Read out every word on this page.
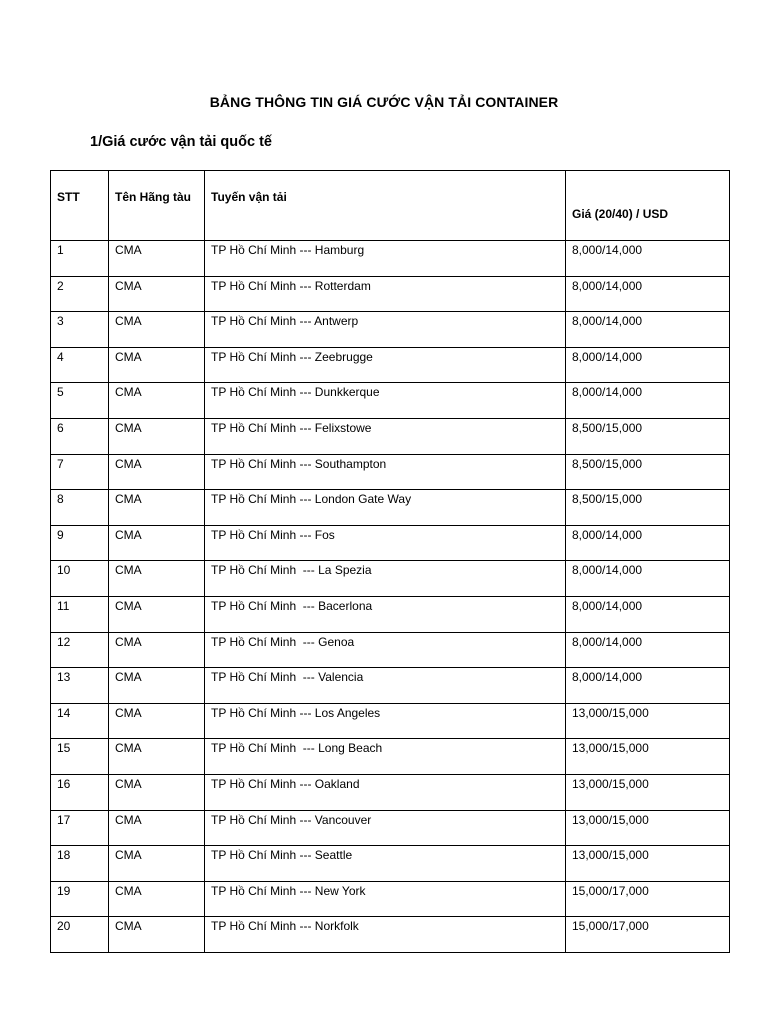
BẢNG THÔNG TIN GIÁ CƯỚC VẬN TẢI CONTAINER
1/Giá cước vận tải quốc tế
STT	Tên Hãng tàu	Tuyến vận tải	Giá (20/40) / USD

1	CMA	TP Hồ Chí Minh --- Hamburg	8,000/14,000
2	CMA	TP Hồ Chí Minh --- Rotterdam	8,000/14,000
3	CMA	TP Hồ Chí Minh --- Antwerp	8,000/14,000
4	CMA	TP Hồ Chí Minh --- Zeebrugge	8,000/14,000
5	CMA	TP Hồ Chí Minh --- Dunkkerque	8,000/14,000
6	CMA	TP Hồ Chí Minh --- Felixstowe	8,500/15,000
7	CMA	TP Hồ Chí Minh --- Southampton	8,500/15,000
8	CMA	TP Hồ Chí Minh --- London Gate Way	8,500/15,000
9	CMA	TP Hồ Chí Minh --- Fos	8,000/14,000
10	CMA	TP Hồ Chí Minh  --- La Spezia	8,000/14,000
11	CMA	TP Hồ Chí Minh  --- Bacerlona	8,000/14,000
12	CMA	TP Hồ Chí Minh  --- Genoa	8,000/14,000
13	CMA	TP Hồ Chí Minh  --- Valencia	8,000/14,000
14	CMA	TP Hồ Chí Minh --- Los Angeles	13,000/15,000
15	CMA	TP Hồ Chí Minh  --- Long Beach	13,000/15,000
16	CMA	TP Hồ Chí Minh --- Oakland	13,000/15,000
17	CMA	TP Hồ Chí Minh --- Vancouver	13,000/15,000
18	CMA	TP Hồ Chí Minh --- Seattle	13,000/15,000
19	CMA	TP Hồ Chí Minh --- New York	15,000/17,000
20	CMA	TP Hồ Chí Minh --- Norkfolk	15,000/17,000
